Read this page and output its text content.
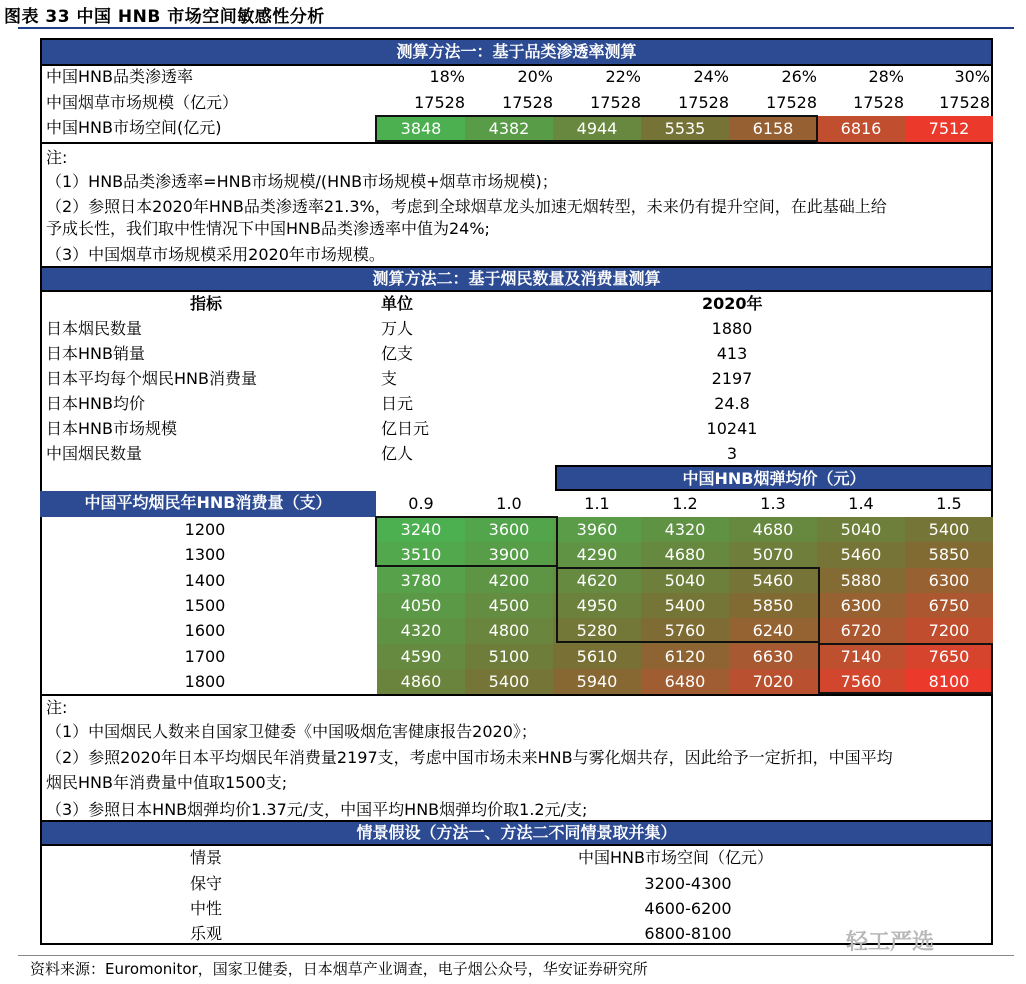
图表 33 中国 HNB 市场空间敏感性分析
测算方法一：基于品类渗透率测算
中国HNB品类渗透率	18%	20%	22%	24%	26%	28%	30%
中国烟草市场规模（亿元）	17528	17528	17528	17528	17528	17528	17528
中国HNB市场空间(亿元)	3848	4382	4944	5535	6158	6816	7512
注:
（1）HNB品类渗透率=HNB市场规模/(HNB市场规模+烟草市场规模)；
（2）参照日本2020年HNB品类渗透率21.3%，考虑到全球烟草龙头加速无烟转型，未来仍有提升空间，在此基础上给
予成长性，我们取中性情况下中国HNB品类渗透率中值为24%;
（3）中国烟草市场规模采用2020年市场规模。
测算方法二：基于烟民数量及消费量测算
指标	单位	2020年
日本烟民数量	万人	1880
日本HNB销量	亿支	413
日本平均每个烟民HNB消费量	支	2197
日本HNB均价	日元	24.8
日本HNB市场规模	亿日元	10241
中国烟民数量	亿人	3
中国HNB烟弹均价（元）
中国平均烟民年HNB消费量（支）	0.9	1.0	1.1	1.2	1.3	1.4	1.5
1200	3240	3600	3960	4320	4680	5040	5400
1300	3510	3900	4290	4680	5070	5460	5850
1400	3780	4200	4620	5040	5460	5880	6300
1500	4050	4500	4950	5400	5850	6300	6750
1600	4320	4800	5280	5760	6240	6720	7200
1700	4590	5100	5610	6120	6630	7140	7650
1800	4860	5400	5940	6480	7020	7560	8100
注:
（1）中国烟民人数来自国家卫健委《中国吸烟危害健康报告2020》；
（2）参照2020年日本平均烟民年消费量2197支，考虑中国市场未来HNB与雾化烟共存，因此给予一定折扣，中国平均
烟民HNB年消费量中值取1500支;
（3）参照日本HNB烟弹均价1.37元/支，中国平均HNB烟弹均价取1.2元/支;
情景假设（方法一、方法二不同情景取并集）
情景	中国HNB市场空间（亿元）
保守	3200-4300
中性	4600-6200
乐观	6800-8100	轻工严选
资料来源：Euromonitor，国家卫健委，日本烟草产业调查，电子烟公众号，华安证券研究所
